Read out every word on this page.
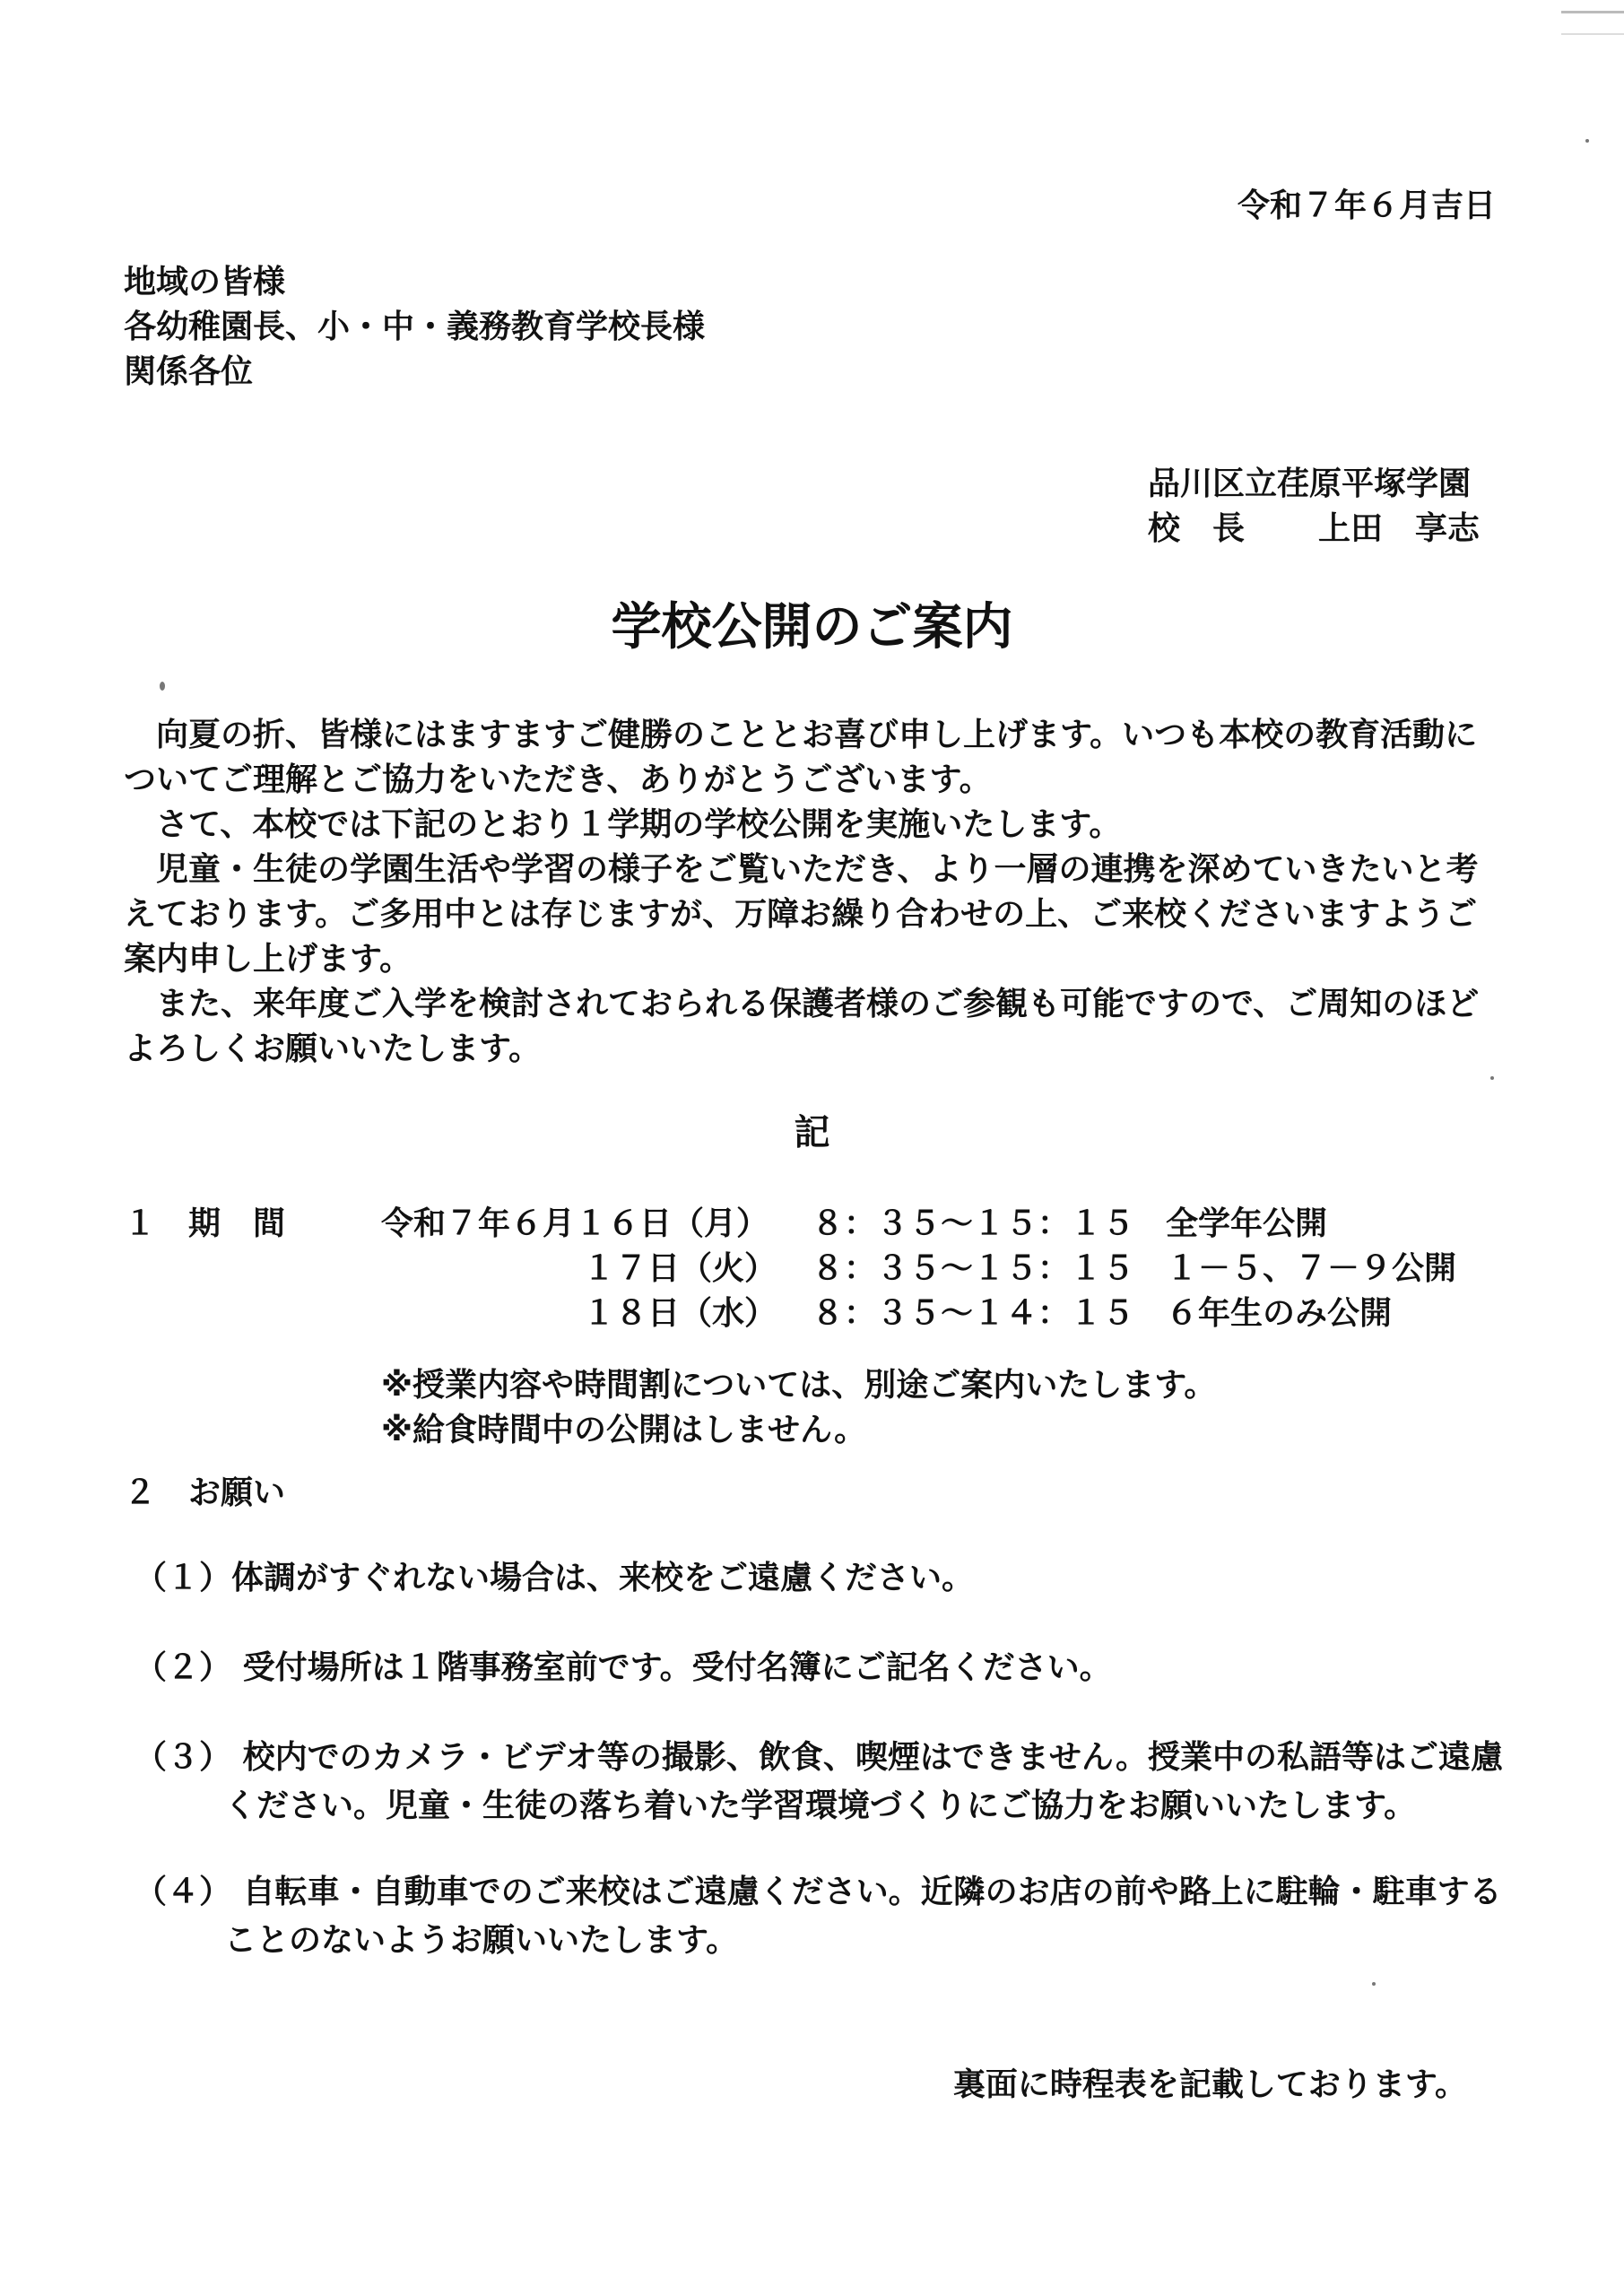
令和７年６月吉日
地域の皆様
各幼稚園長、小・中・義務教育学校長様
関係各位
品川区立荏原平塚学園
校　長 上田　享志
学校公開のご案内
　向夏の折、皆様にはますますご健勝のこととお喜び申し上げます。いつも本校の教育活動に
ついてご理解とご協力をいただき、ありがとうございます。
　さて、本校では下記のとおり１学期の学校公開を実施いたします。
　児童・生徒の学園生活や学習の様子をご覧いただき、より一層の連携を深めていきたいと考
えております。ご多用中とは存じますが、万障お繰り合わせの上、ご来校くださいますようご
案内申し上げます。
　また、来年度ご入学を検討されておられる保護者様のご参観も可能ですので、ご周知のほど
よろしくお願いいたします。
記
１　期　間	令和７年６月１６日（月） ８：３５～１５：１５ 全学年公開
１７日（火） ８：３５～１５：１５ １－５、７－９公開
１８日（水） ８：３５～１４：１５ ６年生のみ公開
※授業内容や時間割については、別途ご案内いたします。
※給食時間中の公開はしません。
２　お願い
（１）体調がすぐれない場合は、来校をご遠慮ください。
（２） 受付場所は１階事務室前です。受付名簿にご記名ください。
（３） 校内でのカメラ・ビデオ等の撮影、飲食、喫煙はできません。授業中の私語等はご遠慮
ください。児童・生徒の落ち着いた学習環境づくりにご協力をお願いいたします。
（４） 自転車・自動車でのご来校はご遠慮ください。近隣のお店の前や路上に駐輪・駐車する
ことのないようお願いいたします。
裏面に時程表を記載しております。
